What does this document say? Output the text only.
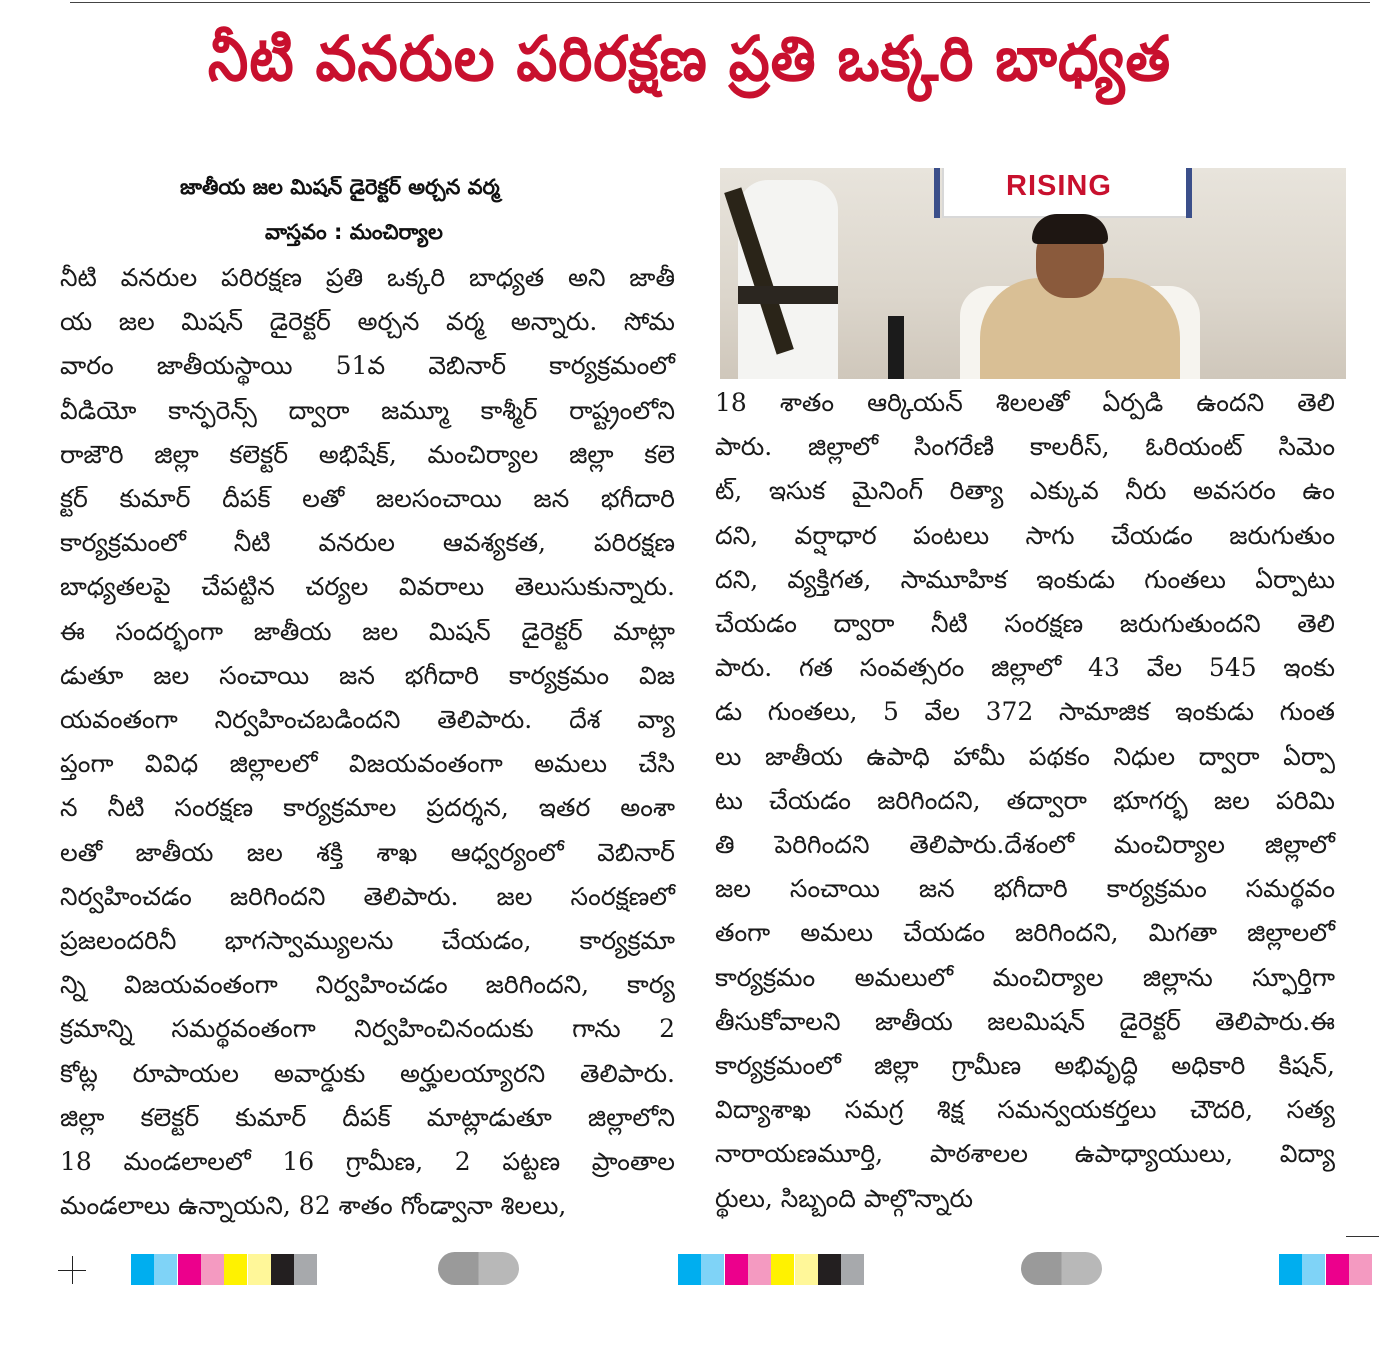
నీటి వనరుల పరిరక్షణ ప్రతి ఒక్కరి బాధ్యత
జాతీయ జల మిషన్ డైరెక్టర్ అర్చన వర్మ
వాస్తవం : మంచిర్యాల
నీటి వనరుల పరిరక్షణ ప్రతి ఒక్కరి బాధ్యత అని జాతీ
య జల మిషన్ డైరెక్టర్ అర్చన వర్మ అన్నారు. సోమ
వారం జాతీయస్థాయి 51వ వెబినార్ కార్యక్రమంలో
వీడియో కాన్ఫరెన్స్ ద్వారా జమ్మూ కాశ్మీర్ రాష్ట్రంలోని
రాజౌరి జిల్లా కలెక్టర్ అభిషేక్, మంచిర్యాల జిల్లా కలె
క్టర్ కుమార్ దీపక్ లతో జలసంచాయి జన భగీదారి
కార్యక్రమంలో నీటి వనరుల ఆవశ్యకత, పరిరక్షణ
బాధ్యతలపై చేపట్టిన చర్యల వివరాలు తెలుసుకున్నారు.
ఈ సందర్భంగా జాతీయ జల మిషన్ డైరెక్టర్ మాట్లా
డుతూ జల సంచాయి జన భగీదారి కార్యక్రమం విజ
యవంతంగా నిర్వహించబడిందని తెలిపారు. దేశ వ్యా
ప్తంగా వివిధ జిల్లాలలో విజయవంతంగా అమలు చేసి
న నీటి సంరక్షణ కార్యక్రమాల ప్రదర్శన, ఇతర అంశా
లతో జాతీయ జల శక్తి శాఖ ఆధ్వర్యంలో వెబినార్
నిర్వహించడం జరిగిందని తెలిపారు. జల సంరక్షణలో
ప్రజలందరినీ భాగస్వామ్యులను చేయడం, కార్యక్రమా
న్ని విజయవంతంగా నిర్వహించడం జరిగిందని, కార్య
క్రమాన్ని సమర్థవంతంగా నిర్వహించినందుకు గాను 2
కోట్ల రూపాయల అవార్డుకు అర్హులయ్యారని తెలిపారు.
జిల్లా కలెక్టర్ కుమార్ దీపక్ మాట్లాడుతూ జిల్లాలోని
18 మండలాలలో 16 గ్రామీణ, 2 పట్టణ ప్రాంతాల
మండలాలు ఉన్నాయని, 82 శాతం గోండ్వానా శిలలు,
RISING
18 శాతం ఆర్కియన్ శిలలతో ఏర్పడి ఉందని తెలి
పారు. జిల్లాలో సింగరేణి కాలరీస్, ఓరియంట్ సిమెం
ట్, ఇసుక మైనింగ్ రిత్యా ఎక్కువ నీరు అవసరం ఉం
దని, వర్షాధార పంటలు సాగు చేయడం జరుగుతుం
దని, వ్యక్తిగత, సామూహిక ఇంకుడు గుంతలు ఏర్పాటు
చేయడం ద్వారా నీటి సంరక్షణ జరుగుతుందని తెలి
పారు. గత సంవత్సరం జిల్లాలో 43 వేల 545 ఇంకు
డు గుంతలు, 5 వేల 372 సామాజిక ఇంకుడు గుంత
లు జాతీయ ఉపాధి హామీ పథకం నిధుల ద్వారా ఏర్పా
టు చేయడం జరిగిందని, తద్వారా భూగర్భ జల పరిమి
తి పెరిగిందని తెలిపారు.దేశంలో మంచిర్యాల జిల్లాలో
జల సంచాయి జన భగీదారి కార్యక్రమం సమర్థవం
తంగా అమలు చేయడం జరిగిందని, మిగతా జిల్లాలలో
కార్యక్రమం అమలులో మంచిర్యాల జిల్లాను స్ఫూర్తిగా
తీసుకోవాలని జాతీయ జలమిషన్ డైరెక్టర్ తెలిపారు.ఈ
కార్యక్రమంలో జిల్లా గ్రామీణ అభివృద్ధి అధికారి కిషన్,
విద్యాశాఖ సమగ్ర శిక్ష సమన్వయకర్తలు చౌదరి, సత్య
నారాయణమూర్తి, పాఠశాలల ఉపాధ్యాయులు, విద్యా
ర్థులు, సిబ్బంది పాల్గొన్నారు
